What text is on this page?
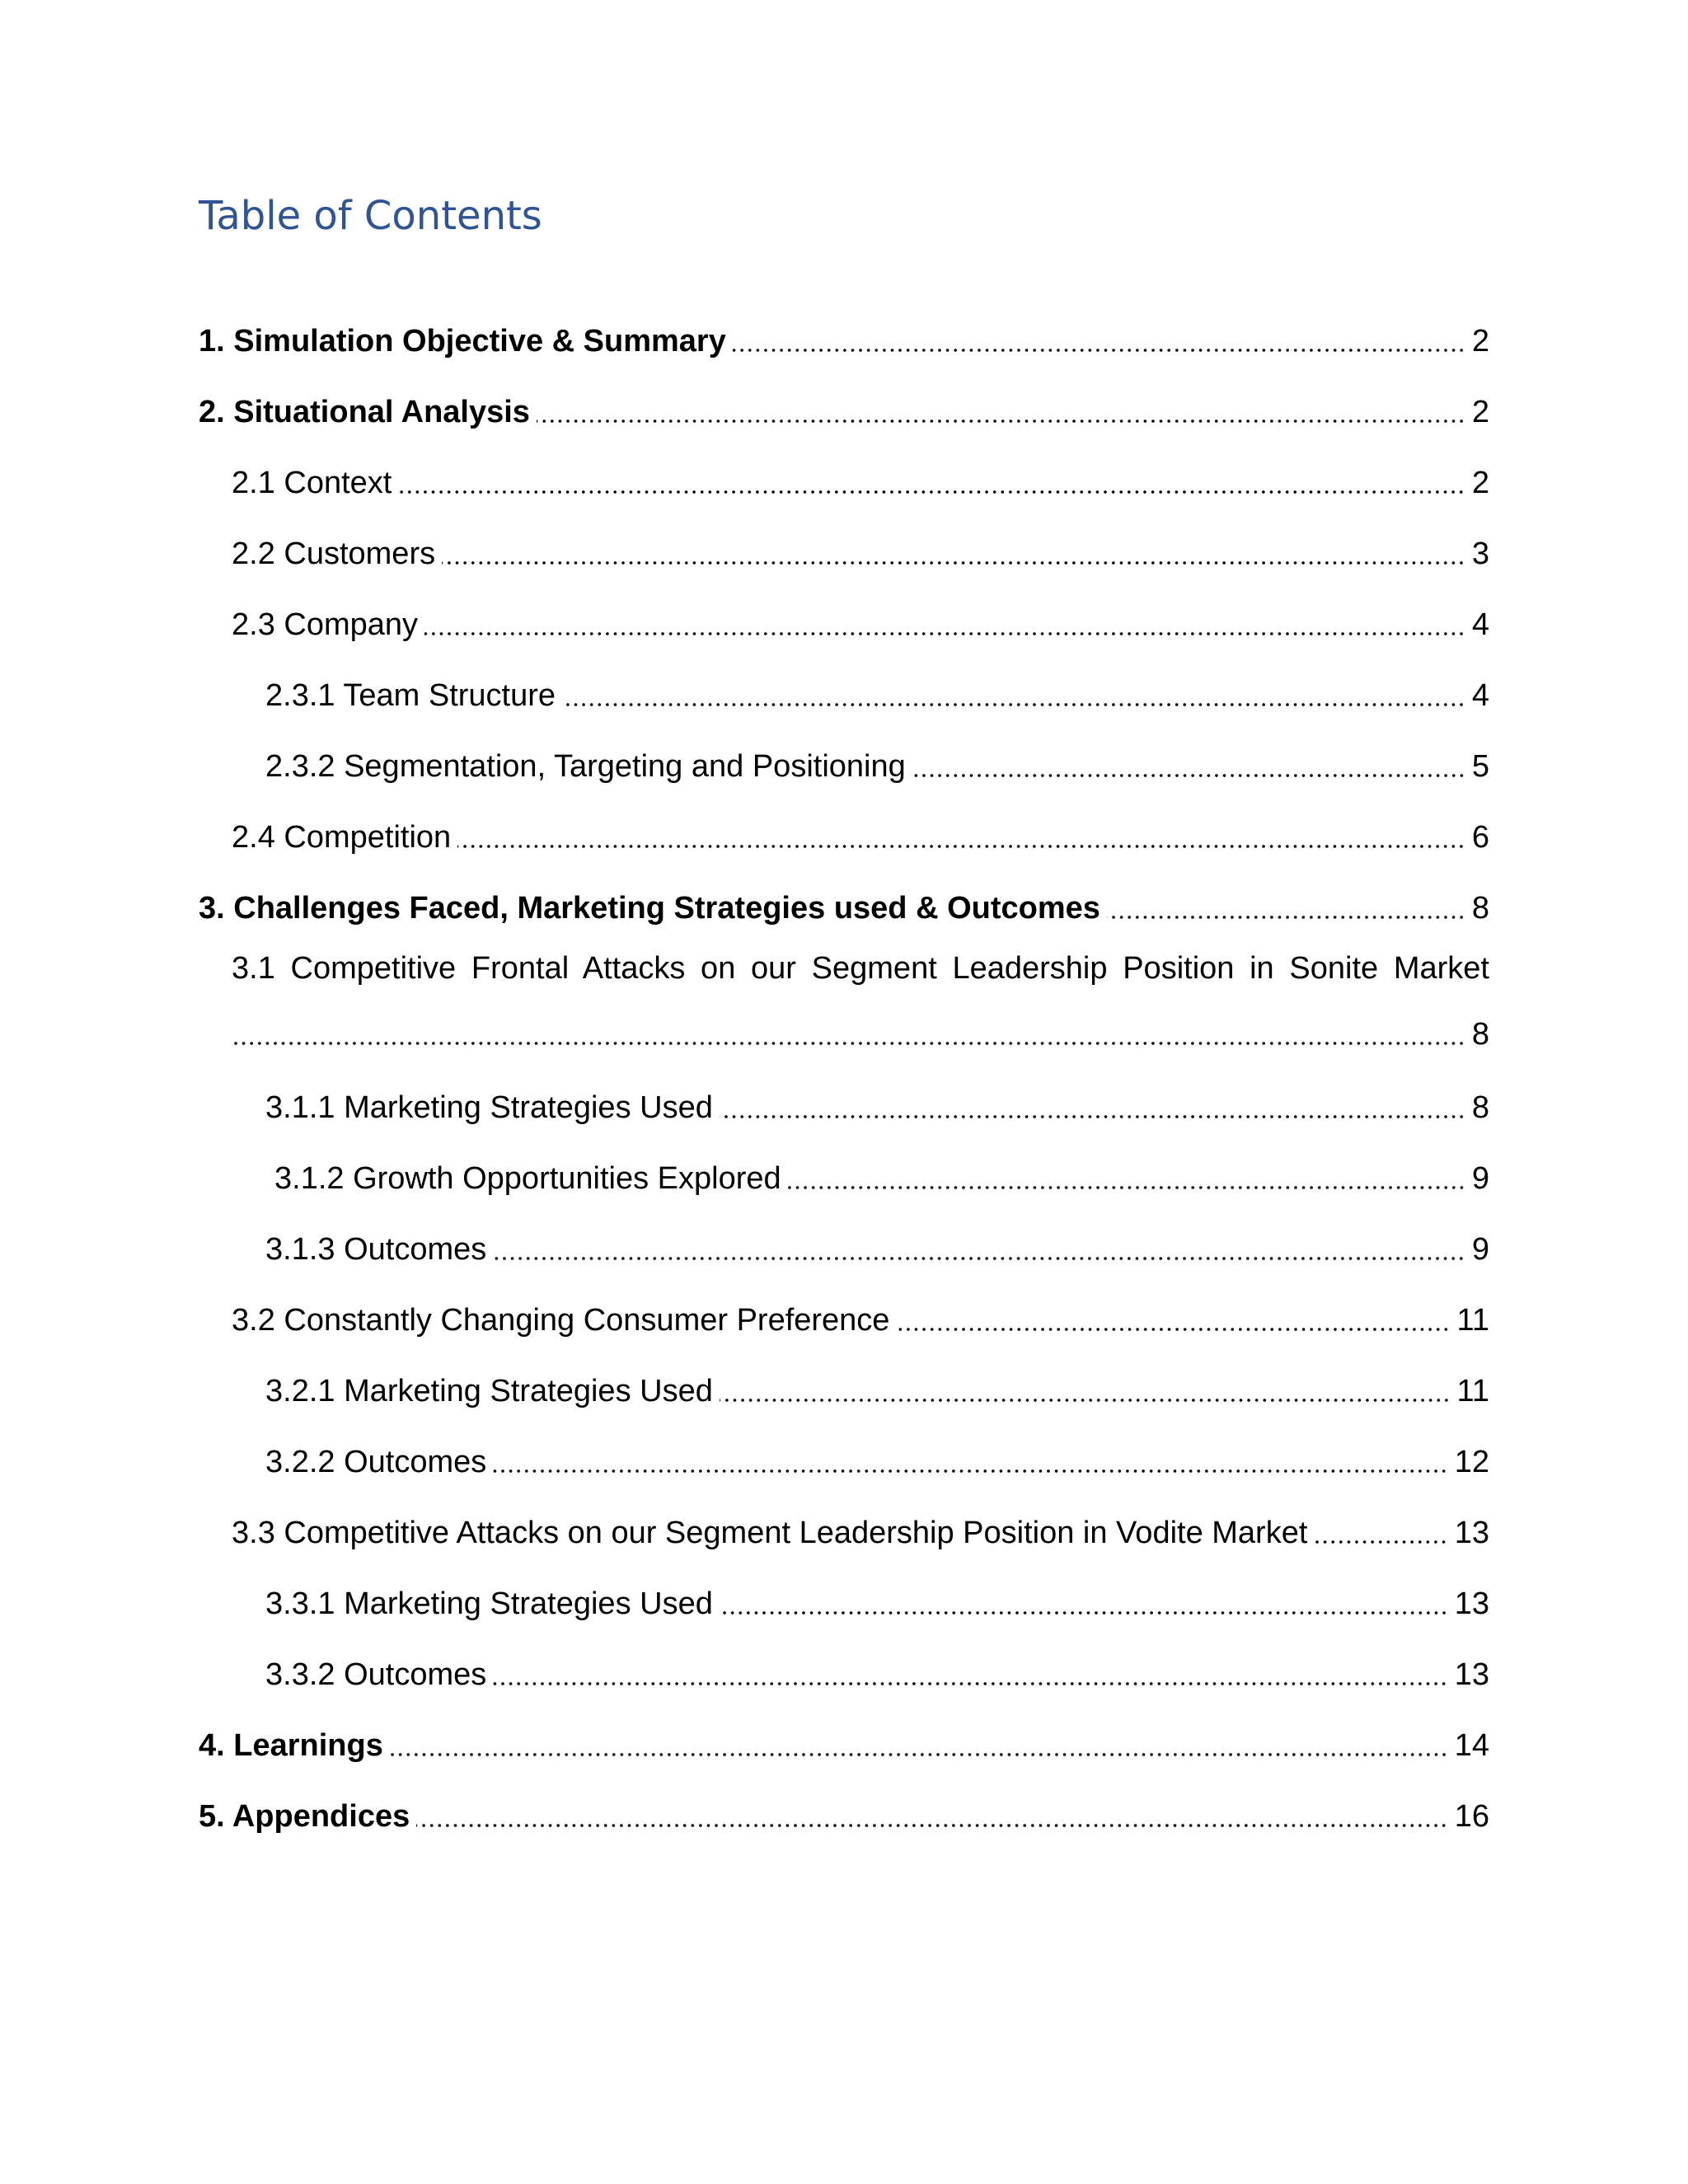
Table of Contents
1. Simulation Objective & Summary	2
2. Situational Analysis	2
2.1 Context	2
2.2 Customers	3
2.3 Company	4
2.3.1 Team Structure	4
2.3.2 Segmentation, Targeting and Positioning	5
2.4 Competition	6
3. Challenges Faced, Marketing Strategies used & Outcomes	8
3.1 Competitive Frontal Attacks on our Segment Leadership Position in Sonite Market
8
3.1.1 Marketing Strategies Used	8
3.1.2 Growth Opportunities Explored	9
3.1.3 Outcomes	9
3.2 Constantly Changing Consumer Preference	11
3.2.1 Marketing Strategies Used	11
3.2.2 Outcomes	12
3.3 Competitive Attacks on our Segment Leadership Position in Vodite Market	13
3.3.1 Marketing Strategies Used	13
3.3.2 Outcomes	13
4. Learnings	14
5. Appendices	16
